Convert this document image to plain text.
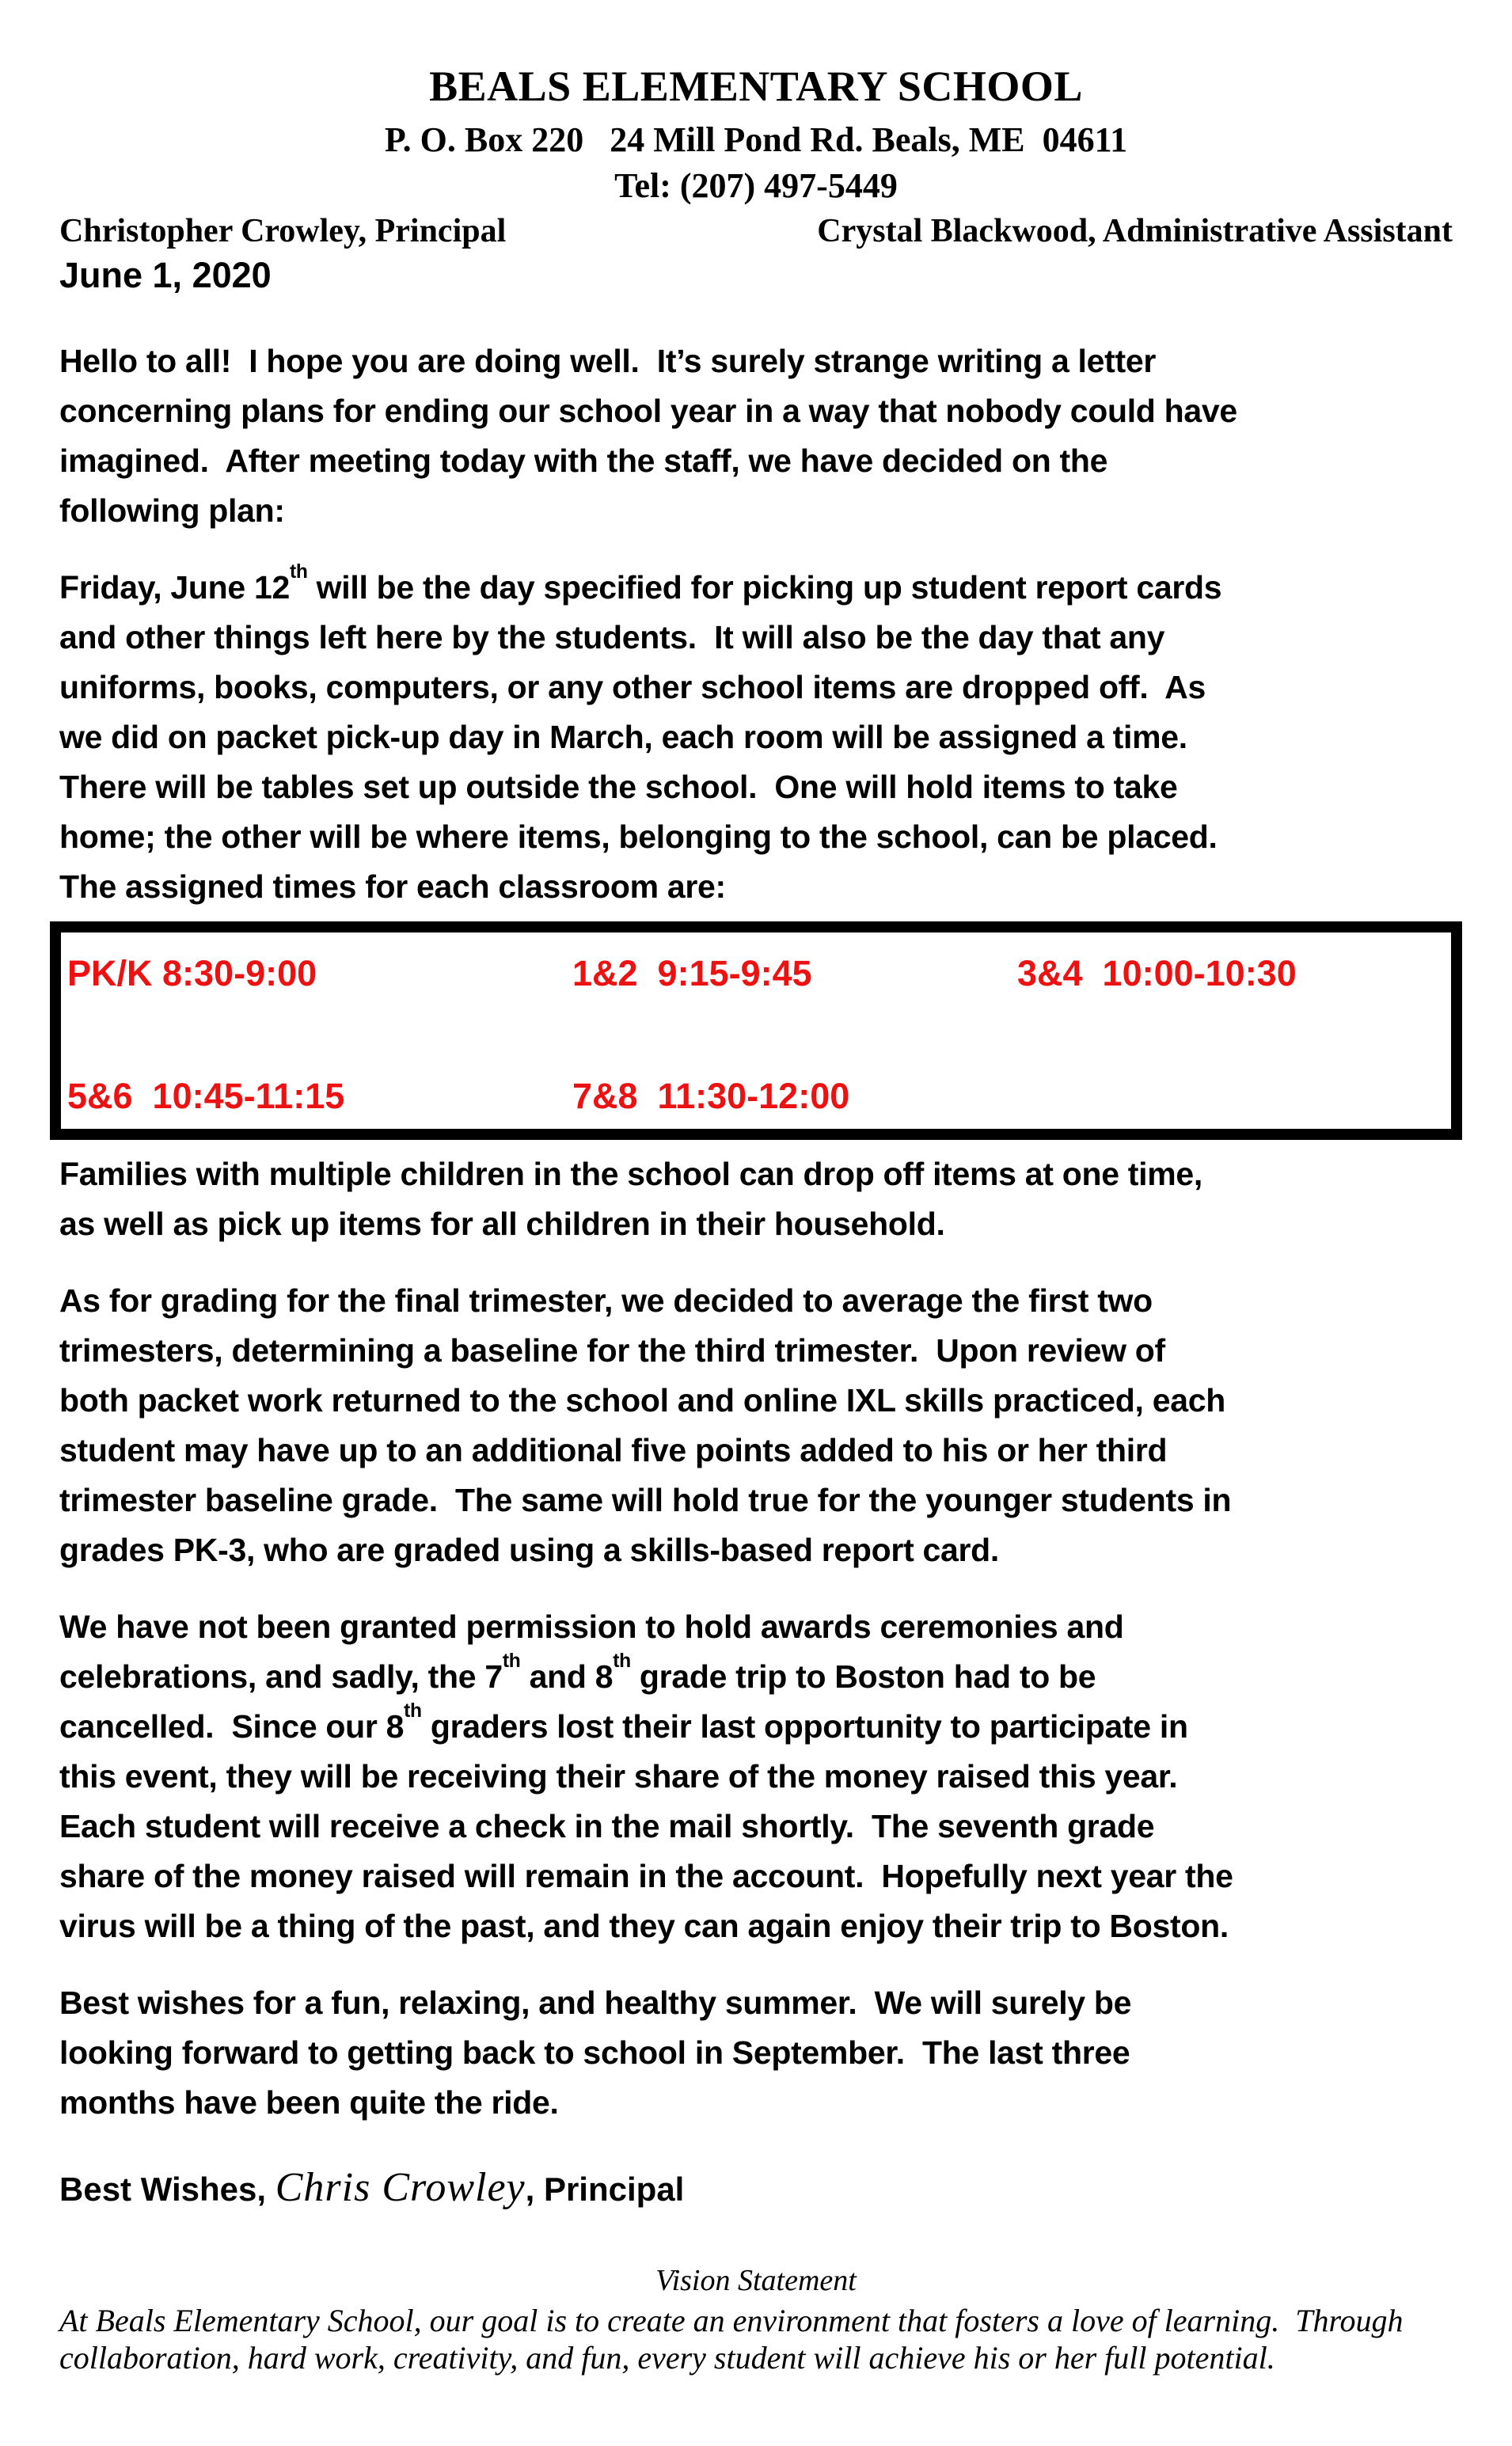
BEALS ELEMENTARY SCHOOL
P. O. Box 220   24 Mill Pond Rd. Beals, ME  04611
Tel: (207) 497-5449
Christopher Crowley, Principal	Crystal Blackwood, Administrative Assistant
June 1, 2020
Hello to all!  I hope you are doing well.  It’s surely strange writing a letter
concerning plans for ending our school year in a way that nobody could have
imagined.  After meeting today with the staff, we have decided on the
following plan:
Friday, June 12th will be the day specified for picking up student report cards
and other things left here by the students.  It will also be the day that any
uniforms, books, computers, or any other school items are dropped off.  As
we did on packet pick-up day in March, each room will be assigned a time.
There will be tables set up outside the school.  One will hold items to take
home; the other will be where items, belonging to the school, can be placed.
The assigned times for each classroom are:
PK/K 8:30-9:00	1&2  9:15-9:45	3&4  10:00-10:30
5&6  10:45-11:15	7&8  11:30-12:00
Families with multiple children in the school can drop off items at one time,
as well as pick up items for all children in their household.
As for grading for the final trimester, we decided to average the first two
trimesters, determining a baseline for the third trimester.  Upon review of
both packet work returned to the school and online IXL skills practiced, each
student may have up to an additional five points added to his or her third
trimester baseline grade.  The same will hold true for the younger students in
grades PK-3, who are graded using a skills-based report card.
We have not been granted permission to hold awards ceremonies and
celebrations, and sadly, the 7th and 8th grade trip to Boston had to be
cancelled.  Since our 8th graders lost their last opportunity to participate in
this event, they will be receiving their share of the money raised this year.
Each student will receive a check in the mail shortly.  The seventh grade
share of the money raised will remain in the account.  Hopefully next year the
virus will be a thing of the past, and they can again enjoy their trip to Boston.
Best wishes for a fun, relaxing, and healthy summer.  We will surely be
looking forward to getting back to school in September.  The last three
months have been quite the ride.
Best Wishes, Chris Crowley, Principal
Vision Statement
At Beals Elementary School, our goal is to create an environment that fosters a love of learning.  Through
collaboration, hard work, creativity, and fun, every student will achieve his or her full potential.
